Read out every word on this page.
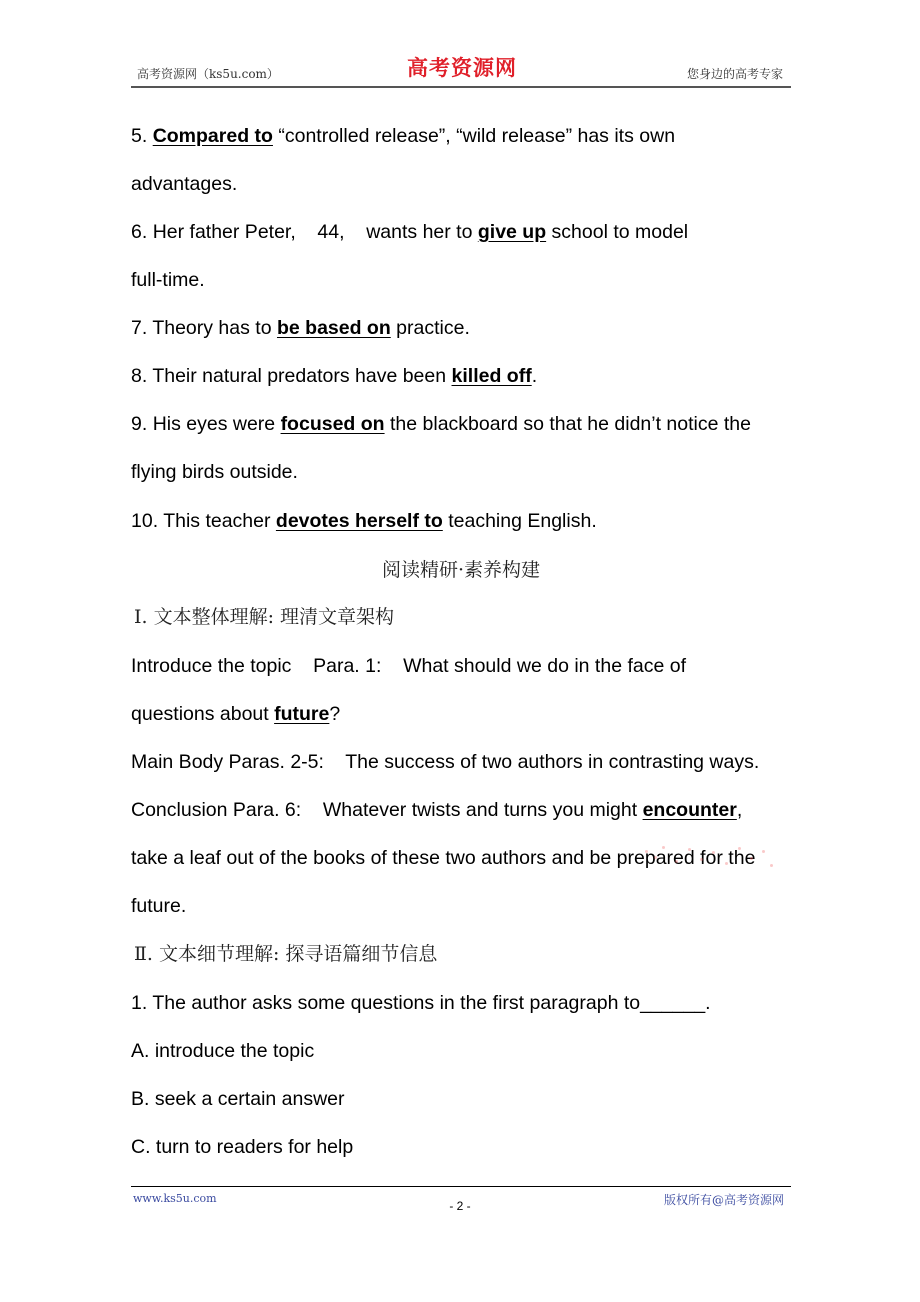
高考资源网（ks5u.com）	高考资源网	您身边的高考专家
5. Compared to “controlled release”, “wild release” has its own
advantages.
6. Her father Peter,    44,    wants her to give up school to model
full-time.
7. Theory has to be based on practice.
8. Their natural predators have been killed off.
9. His eyes were focused on the blackboard so that he didn’t notice the
flying birds outside.
10. This teacher devotes herself to teaching English.
阅读精研·素养构建
Ⅰ. 文本整体理解: 理清文章架构
Introduce the topic    Para. 1:    What should we do in the face of
questions about future?
Main Body Paras. 2-5:    The success of two authors in contrasting ways.
Conclusion Para. 6:    Whatever twists and turns you might encounter,
take a leaf out of the books of these two authors and be prepared for the
future.
Ⅱ. 文本细节理解: 探寻语篇细节信息
1. The author asks some questions in the first paragraph to______.
A. introduce the topic
B. seek a certain answer
C. turn to readers for help
www.ks5u.com
- 2 -	版权所有@高考资源网
